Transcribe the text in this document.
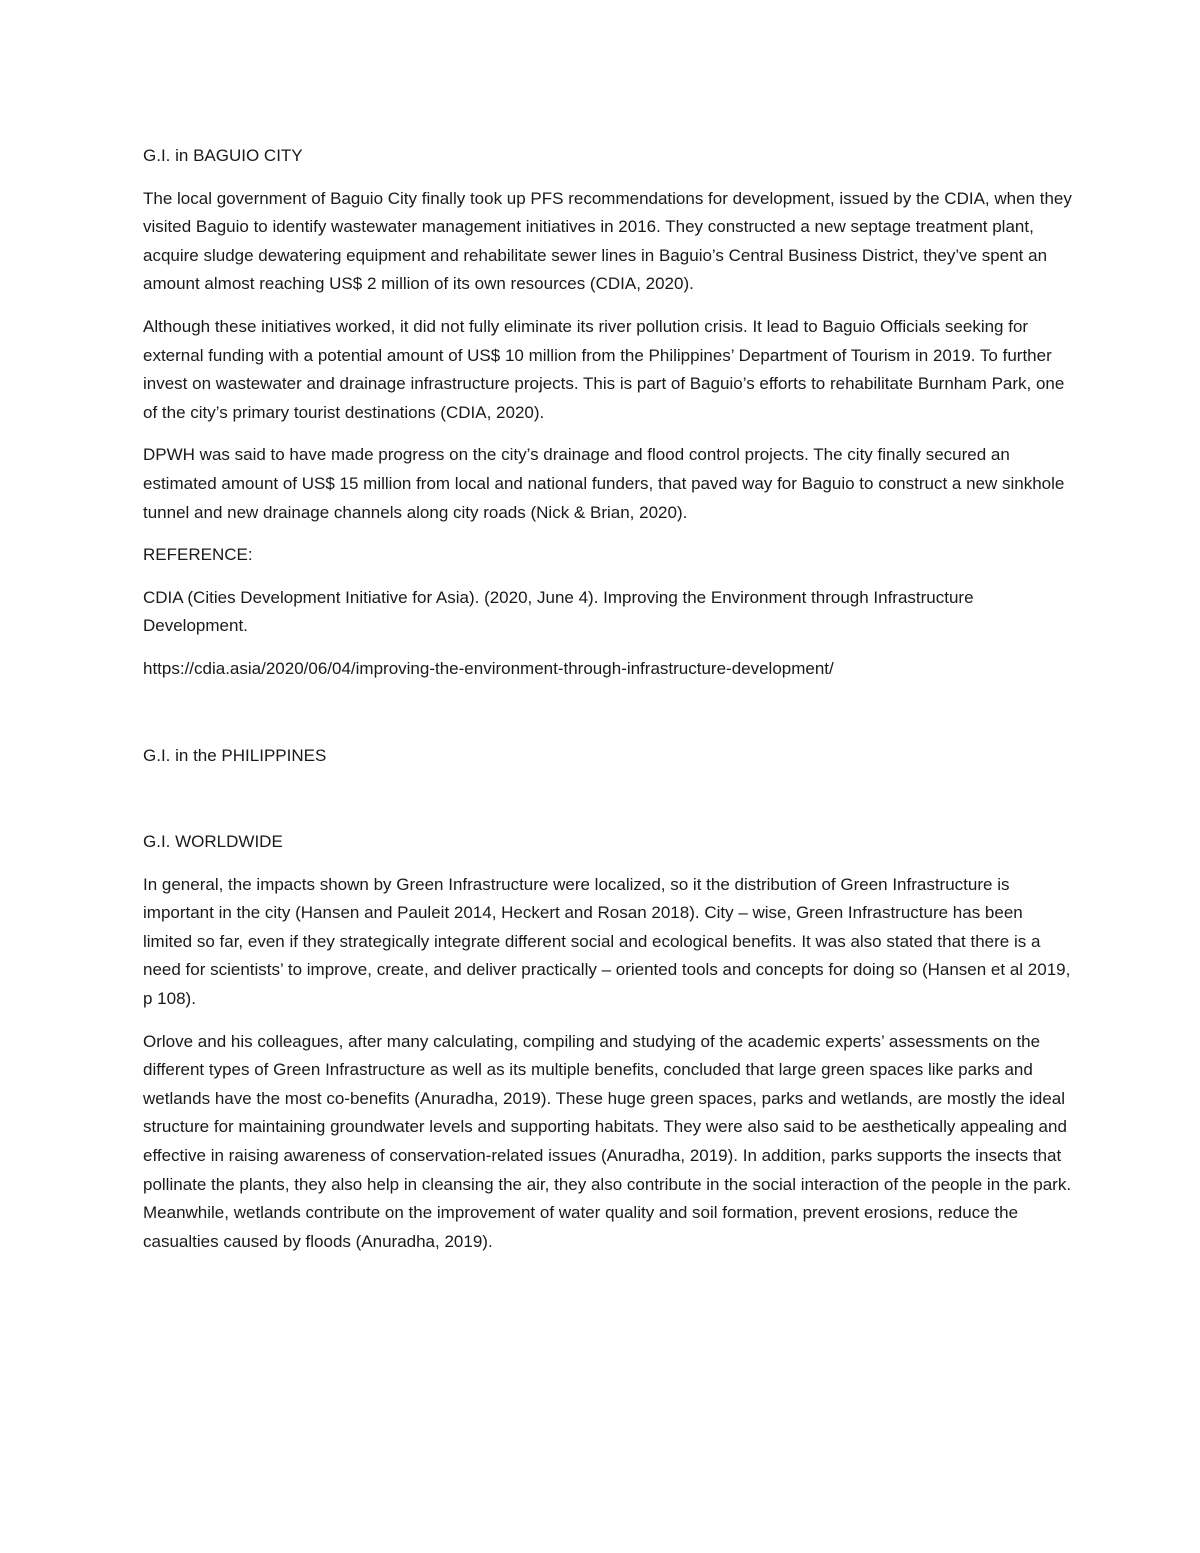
G.I. in BAGUIO CITY

The local government of Baguio City finally took up PFS recommendations for development, issued by the CDIA, when they visited Baguio to identify wastewater management initiatives in 2016. They constructed a new septage treatment plant, acquire sludge dewatering equipment and rehabilitate sewer lines in Baguio’s Central Business District, they’ve spent an amount almost reaching US$ 2 million of its own resources (CDIA, 2020).

Although these initiatives worked, it did not fully eliminate its river pollution crisis. It lead to Baguio Officials seeking for external funding with a potential amount of US$ 10 million from the Philippines’ Department of Tourism in 2019. To further invest on wastewater and drainage infrastructure projects. This is part of Baguio’s efforts to rehabilitate Burnham Park, one of the city’s primary tourist destinations (CDIA, 2020).

DPWH was said to have made progress on the city’s drainage and flood control projects. The city finally secured an estimated amount of US$ 15 million from local and national funders, that paved way for Baguio to construct a new sinkhole tunnel and new drainage channels along city roads (Nick & Brian, 2020).

REFERENCE:

CDIA (Cities Development Initiative for Asia). (2020, June 4). Improving the Environment through Infrastructure Development.

https://cdia.asia/2020/06/04/improving-the-environment-through-infrastructure-development/

G.I. in the PHILIPPINES

G.I. WORLDWIDE

In general, the impacts shown by Green Infrastructure were localized, so it the distribution of Green Infrastructure is important in the city (Hansen and Pauleit 2014, Heckert and Rosan 2018). City – wise, Green Infrastructure has been limited so far, even if they strategically integrate different social and ecological benefits. It was also stated that there is a need for scientists’ to improve, create, and deliver practically – oriented tools and concepts for doing so (Hansen et al 2019, p 108).

Orlove and his colleagues, after many calculating, compiling and studying of the academic experts’ assessments on the different types of Green Infrastructure as well as its multiple benefits, concluded that large green spaces like parks and wetlands have the most co-benefits (Anuradha, 2019). These huge green spaces, parks and wetlands, are mostly the ideal structure for maintaining groundwater levels and supporting habitats. They were also said to be aesthetically appealing and effective in raising awareness of conservation-related issues (Anuradha, 2019). In addition, parks supports the insects that pollinate the plants, they also help in cleansing the air, they also contribute in the social interaction of the people in the park. Meanwhile, wetlands contribute on the improvement of water quality and soil formation, prevent erosions, reduce the casualties caused by floods (Anuradha, 2019).
